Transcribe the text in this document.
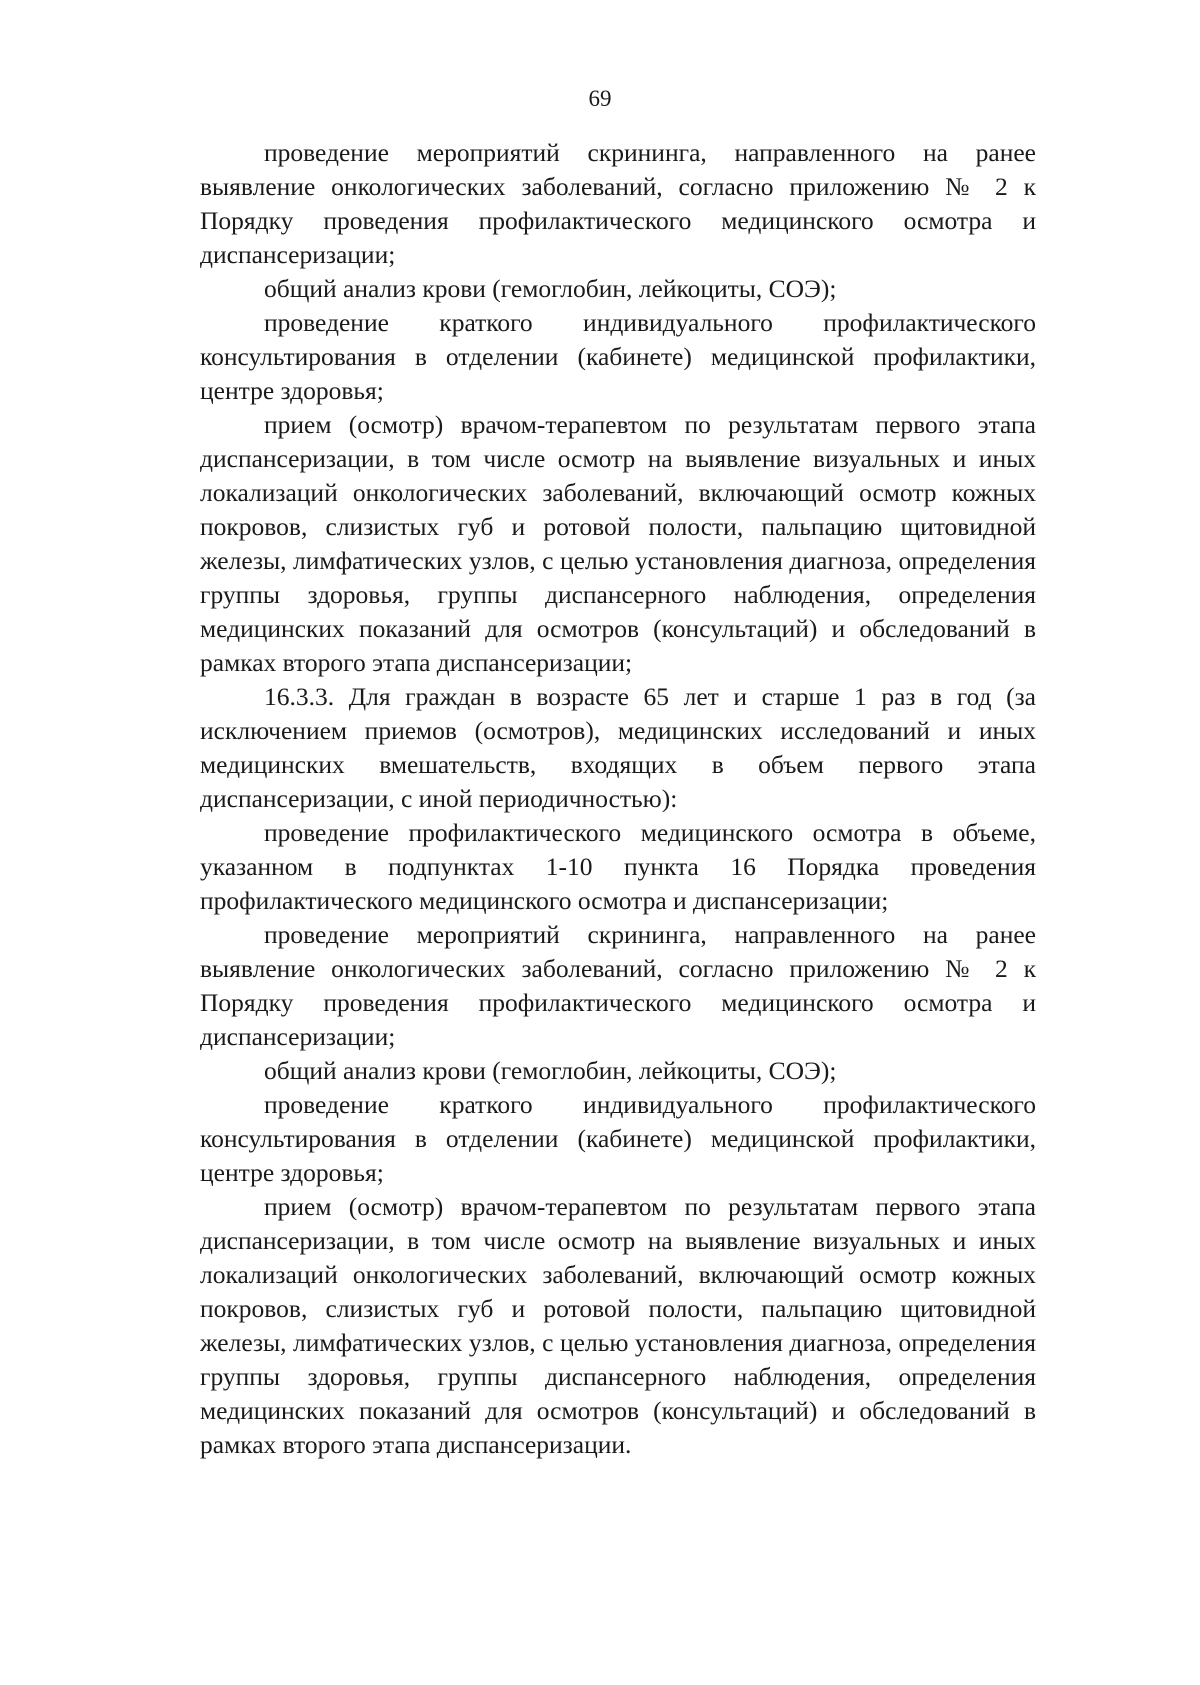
69

проведение мероприятий скрининга, направленного на ранее выявление онкологических заболеваний, согласно приложению № 2 к Порядку проведения профилактического медицинского осмотра и диспансеризации;

общий анализ крови (гемоглобин, лейкоциты, СОЭ);

проведение краткого индивидуального профилактического консультирования в отделении (кабинете) медицинской профилактики, центре здоровья;

прием (осмотр) врачом-терапевтом по результатам первого этапа диспансеризации, в том числе осмотр на выявление визуальных и иных локализаций онкологических заболеваний, включающий осмотр кожных покровов, слизистых губ и ротовой полости, пальпацию щитовидной железы, лимфатических узлов, с целью установления диагноза, определения группы здоровья, группы диспансерного наблюдения, определения медицинских показаний для осмотров (консультаций) и обследований в рамках второго этапа диспансеризации;

16.3.3. Для граждан в возрасте 65 лет и старше 1 раз в год (за исключением приемов (осмотров), медицинских исследований и иных медицинских вмешательств, входящих в объем первого этапа диспансеризации, с иной периодичностью):

проведение профилактического медицинского осмотра в объеме, указанном в подпунктах 1-10 пункта 16 Порядка проведения профилактического медицинского осмотра и диспансеризации;

проведение мероприятий скрининга, направленного на ранее выявление онкологических заболеваний, согласно приложению № 2 к Порядку проведения профилактического медицинского осмотра и диспансеризации;

общий анализ крови (гемоглобин, лейкоциты, СОЭ);

проведение краткого индивидуального профилактического консультирования в отделении (кабинете) медицинской профилактики, центре здоровья;

прием (осмотр) врачом-терапевтом по результатам первого этапа диспансеризации, в том числе осмотр на выявление визуальных и иных локализаций онкологических заболеваний, включающий осмотр кожных покровов, слизистых губ и ротовой полости, пальпацию щитовидной железы, лимфатических узлов, с целью установления диагноза, определения группы здоровья, группы диспансерного наблюдения, определения медицинских показаний для осмотров (консультаций) и обследований в рамках второго этапа диспансеризации.
